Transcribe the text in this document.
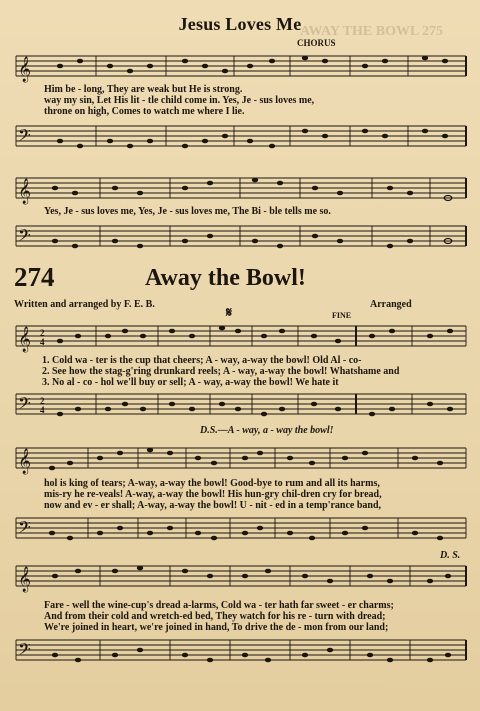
AWAY THE BOWL 275
Jesus Loves Me
CHORUS
𝄞
Him be - long, They are weak but He is strong.
way my sin, Let His lit - tle child come in. Yes, Je - sus loves me,
throne on high, Comes to watch me where I lie.
𝄢
𝄞
Yes, Je - sus loves me, Yes, Je - sus loves me, The Bi - ble tells me so.
𝄢
274	Away the Bowl!
Written and arranged by F. E. B.	Arranged
FINE
𝄋
𝄞 2
4
1. Cold wa - ter is the cup that cheers; A - way, a-way the bowl! Old Al - co-
2. See how the stag-g'ring drunkard reels; A - way, a-way the bowl! Whatshame and
3. No al - co - hol we'll buy or sell; A - way, a-way the bowl! We hate it
𝄢 2
4
D.S.—A - way, a - way the bowl!
𝄞
hol is king of tears; A-way, a-way the bowl! Good-bye to rum and all its harms,
mis-ry he re-veals! A-way, a-way the bowl! His hun-gry chil-dren cry for bread,
now and ev - er shall; A-way, a-way the bowl! U - nit - ed in a temp'rance band,
𝄢
D. S.
𝄞
Fare - well the wine-cup's dread a-larms, Cold wa - ter hath far sweet - er charms;
And from their cold and wretch-ed bed, They watch for his re - turn with dread;
We're joined in heart, we're joined in hand, To drive the de - mon from our land;
𝄢
